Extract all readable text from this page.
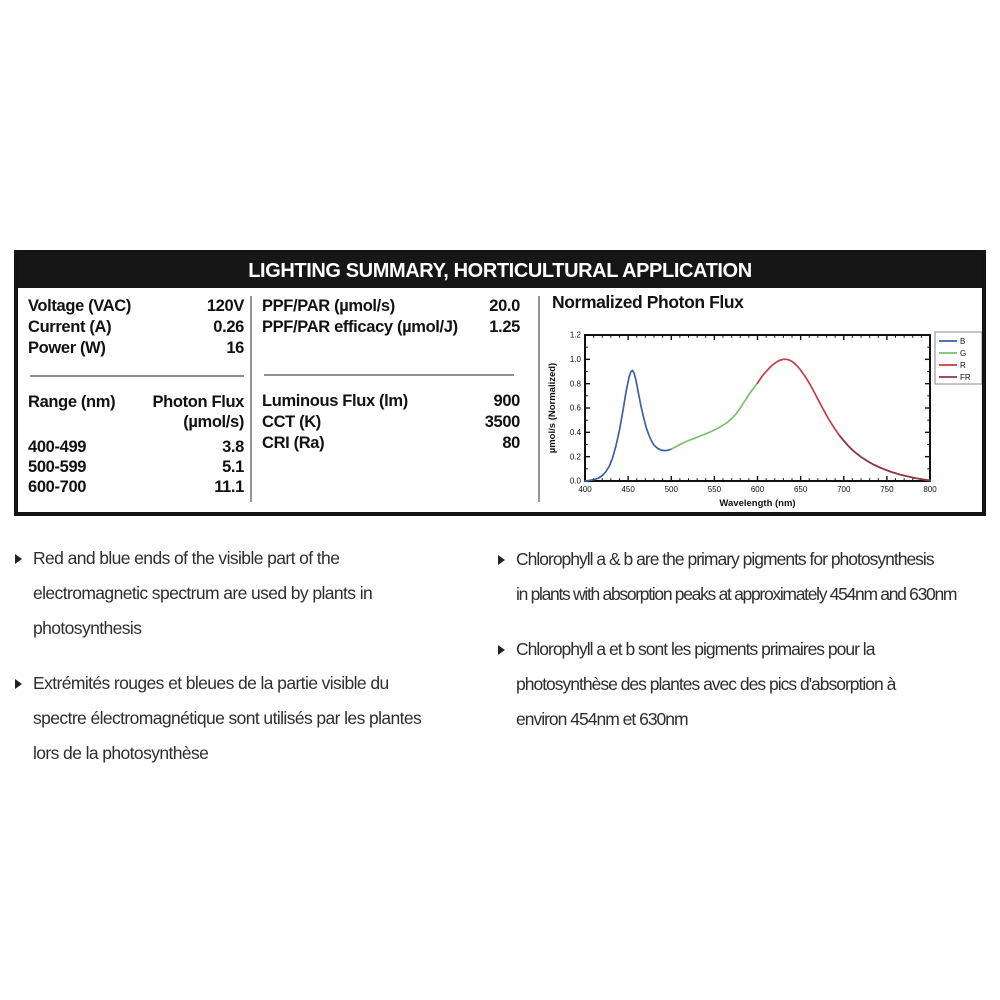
LIGHTING SUMMARY, HORTICULTURAL APPLICATION
Voltage (VAC)	120V
Current (A)	0.26
Power (W)	16
Range (nm) Photon Flux
(µmol/s)
400-499	3.8
500-599	5.1
600-700	11.1
PPF/PAR (µmol/s)	20.0
PPF/PAR efficacy (µmol/J) 1.25
Luminous Flux (lm)	900
CCT (K)	3500
CRI (Ra)	80
Normalized Photon Flux
400	450	500	550	600	650	700	750	800
0.0
0.2
0.4
0.6
0.8
1.0
1.2
Wavelength (nm)
µmol/s (Normalized)
B
G
R
FR
Red and blue ends of the visible part of the
electromagnetic spectrum are used by plants in
photosynthesis
Extrémités rouges et bleues de la partie visible du
spectre électromagnétique sont utilisés par les plantes
lors de la photosynthèse
Chlorophyll a & b are the primary pigments for photosynthesis
in plants with absorption peaks at approximately 454nm and 630nm
Chlorophyll a et b sont les pigments primaires pour la
photosynthèse des plantes avec des pics d'absorption à
environ 454nm et 630nm
